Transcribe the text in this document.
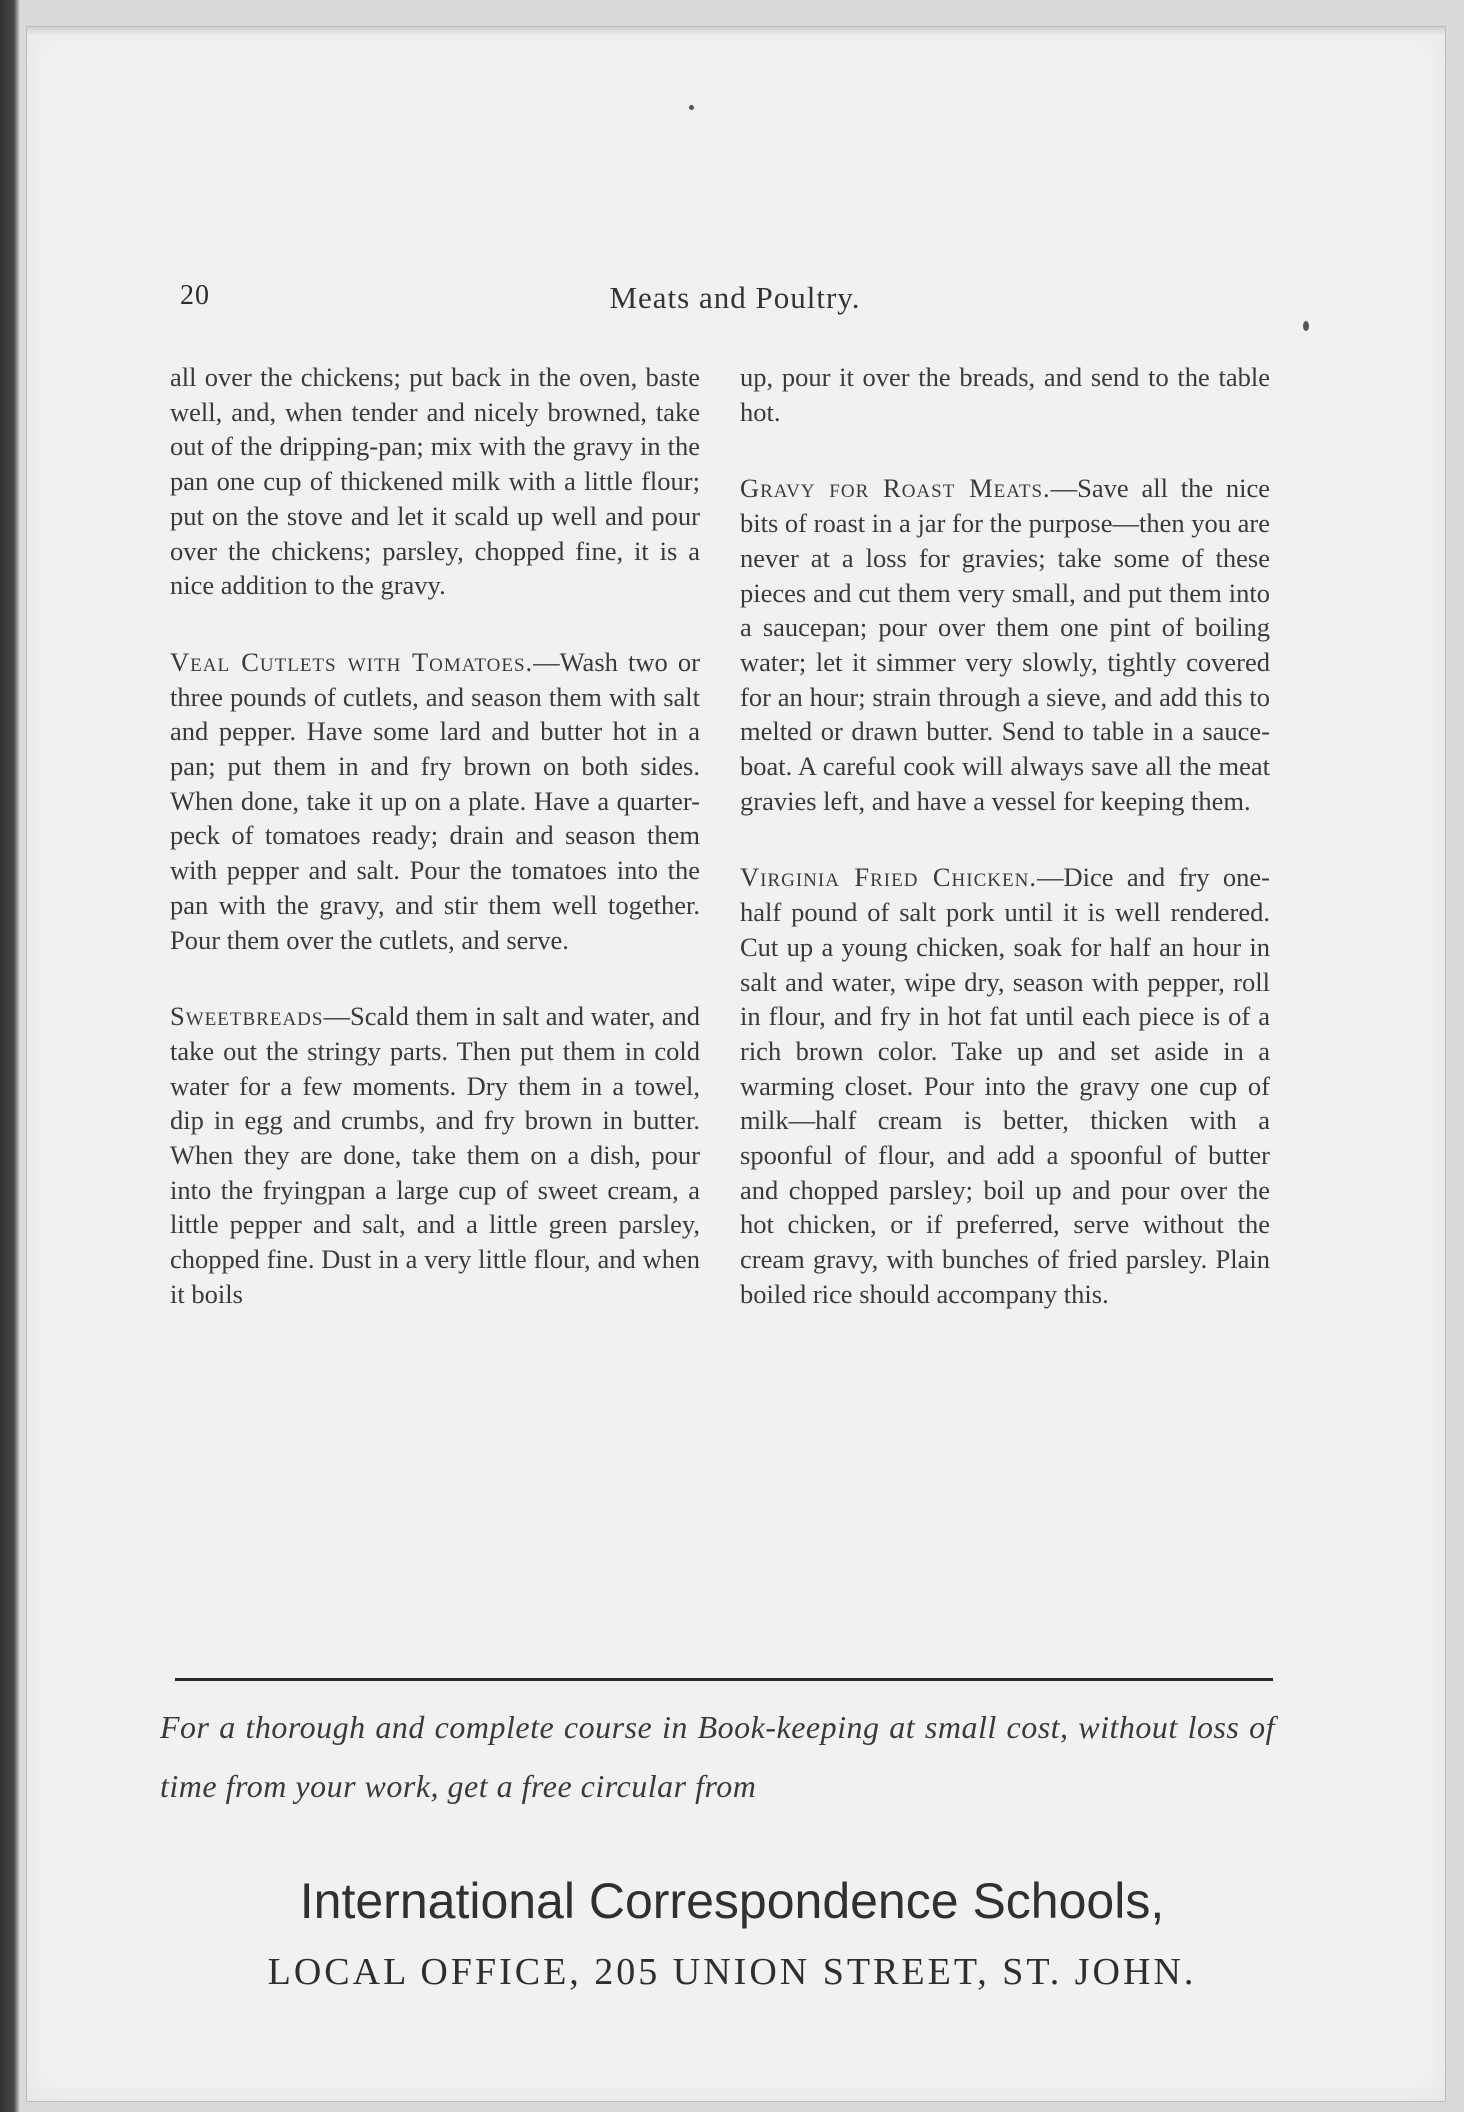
20	Meats and Poultry.

all over the chickens; put back in the oven, baste well, and, when tender and nicely browned, take out of the dripping-pan; mix with the gravy in the pan one cup of thickened milk with a little flour; put on the stove and let it scald up well and pour over the chickens; parsley, chopped fine, it is a nice addition to the gravy.

Veal Cutlets with Tomatoes.—Wash two or three pounds of cutlets, and season them with salt and pepper. Have some lard and butter hot in a pan; put them in and fry brown on both sides. When done, take it up on a plate. Have a quarter-peck of tomatoes ready; drain and season them with pepper and salt. Pour the tomatoes into the pan with the gravy, and stir them well together. Pour them over the cutlets, and serve.

Sweetbreads—Scald them in salt and water, and take out the stringy parts. Then put them in cold water for a few moments. Dry them in a towel, dip in egg and crumbs, and fry brown in butter. When they are done, take them on a dish, pour into the fryingpan a large cup of sweet cream, a little pepper and salt, and a little green parsley, chopped fine. Dust in a very little flour, and when it boils

up, pour it over the breads, and send to the table hot.

Gravy for Roast Meats.—Save all the nice bits of roast in a jar for the purpose—then you are never at a loss for gravies; take some of these pieces and cut them very small, and put them into a saucepan; pour over them one pint of boiling water; let it simmer very slowly, tightly covered for an hour; strain through a sieve, and add this to melted or drawn butter. Send to table in a sauce-boat. A careful cook will always save all the meat gravies left, and have a vessel for keeping them.

Virginia Fried Chicken.—Dice and fry one-half pound of salt pork until it is well rendered. Cut up a young chicken, soak for half an hour in salt and water, wipe dry, season with pepper, roll in flour, and fry in hot fat until each piece is of a rich brown color. Take up and set aside in a warming closet. Pour into the gravy one cup of milk—half cream is better, thicken with a spoonful of flour, and add a spoonful of butter and chopped parsley; boil up and pour over the hot chicken, or if preferred, serve without the cream gravy, with bunches of fried parsley. Plain boiled rice should accompany this.

For a thorough and complete course in Book-keeping at small cost, without loss of time from your work, get a free circular from
International Correspondence Schools,
LOCAL OFFICE, 205 UNION STREET, ST. JOHN.
